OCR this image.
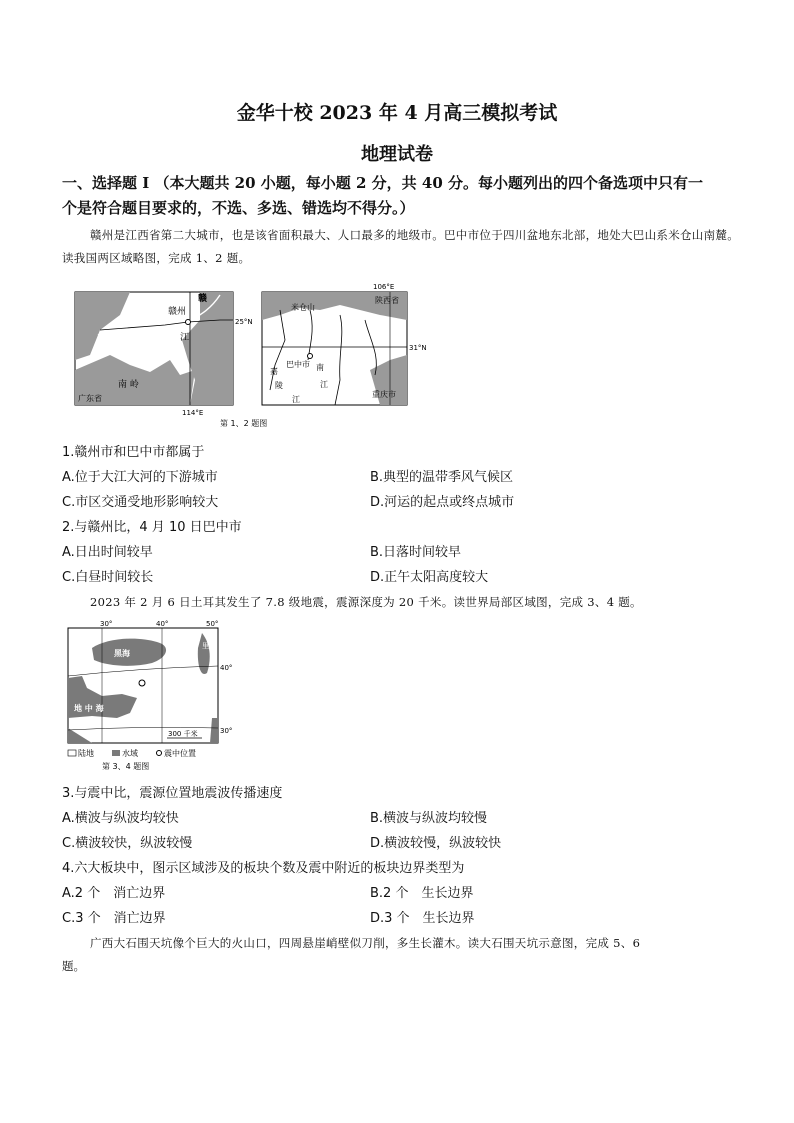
金华十校 2023 年 4 月高三模拟考试
地理试卷
一、选择题 I （本大题共 20 小题，每小题 2 分，共 40 分。每小题列出的四个备选项中只有一
个是符合题目要求的，不选、多选、错选均不得分。）
赣州是江西省第二大城市，也是该省面积最大、人口最多的地级市。巴中市位于四川盆地东北部，地处大巴山系米仓山南麓。读我国两区域略图，完成 1、2 题。
赣州
赣
江
南 岭
广东省
25°N
114°E
106°E
陕西省
米仓山
31°N
巴中市
嘉
陵
江
南
江
重庆市
第 1、2 题图
1.赣州市和巴中市都属于
A.位于大江大河的下游城市	B.典型的温带季风气候区
C.市区交通受地形影响较大	D.河运的起点或终点城市
2.与赣州比，4 月 10 日巴中市
A.日出时间较早	B.日落时间较早
C.白昼时间较长	D.正午太阳高度较大
2023 年 2 月 6 日土耳其发生了 7.8 级地震，震源深度为 20 千米。读世界局部区域图，完成 3、4 题。
30°	40°	50°
40°
30°
黑海
地 中 海
里
300 千米
陆地	水域	震中位置
第 3、4 题图
3.与震中比，震源位置地震波传播速度
A.横波与纵波均较快	B.横波与纵波均较慢
C.横波较快，纵波较慢	D.横波较慢，纵波较快
4.六大板块中，图示区域涉及的板块个数及震中附近的板块边界类型为
A.2 个　消亡边界	B.2 个　生长边界
C.3 个　消亡边界	D.3 个　生长边界
广西大石围天坑像个巨大的火山口，四周悬崖峭壁似刀削，多生长灌木。读大石围天坑示意图，完成 5、6
题。
